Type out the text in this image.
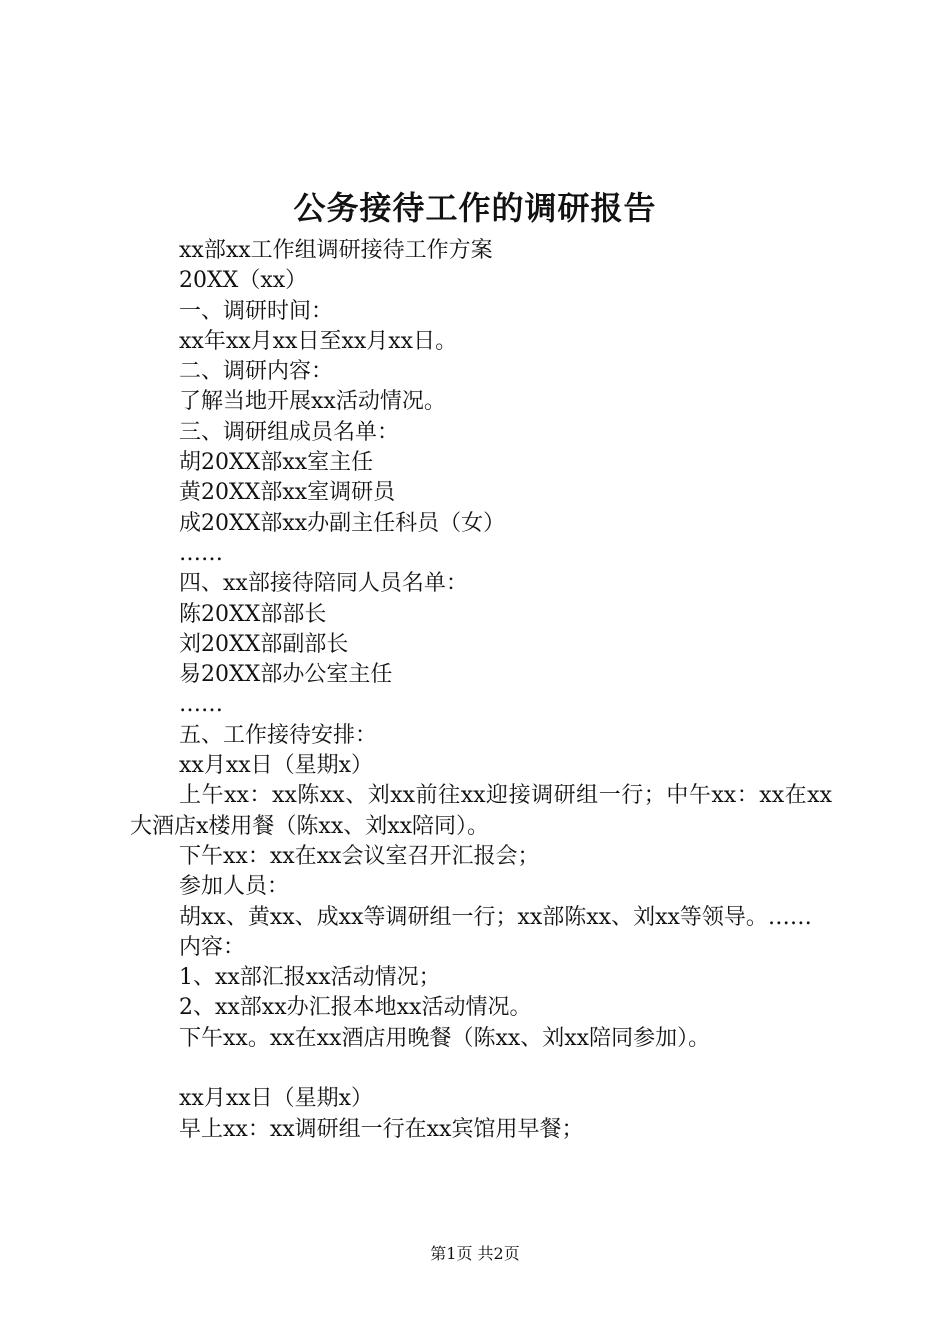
公务接待工作的调研报告
xx部xx工作组调研接待工作方案
20XX（xx）
一、调研时间：
xx年xx月xx日至xx月xx日。
二、调研内容：
了解当地开展xx活动情况。
三、调研组成员名单：
胡20XX部xx室主任
黄20XX部xx室调研员
成20XX部xx办副主任科员（女）
……
四、xx部接待陪同人员名单：
陈20XX部部长
刘20XX部副部长
易20XX部办公室主任
……
五、工作接待安排：
xx月xx日（星期x）
上午xx：xx陈xx、刘xx前往xx迎接调研组一行；中午xx：xx在xx大酒店x楼用餐（陈xx、刘xx陪同）。
下午xx：xx在xx会议室召开汇报会；
参加人员：
胡xx、黄xx、成xx等调研组一行；xx部陈xx、刘xx等领导。……
内容：
1、xx部汇报xx活动情况；
2、xx部xx办汇报本地xx活动情况。
下午xx。xx在xx酒店用晚餐（陈xx、刘xx陪同参加）。
xx月xx日（星期x）
早上xx：xx调研组一行在xx宾馆用早餐；
第1页 共2页
